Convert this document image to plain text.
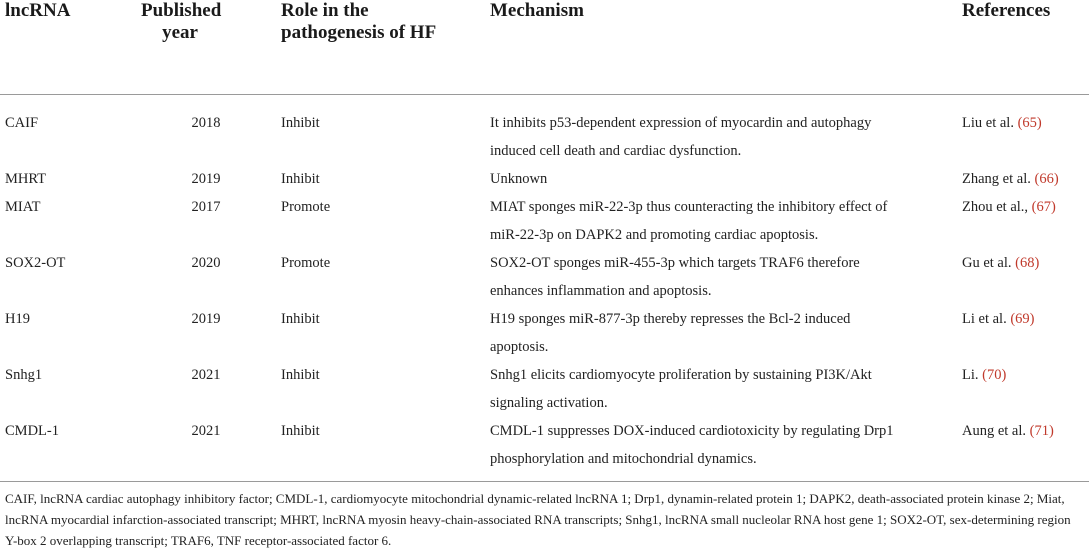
lncRNA	Published year	Role in the pathogenesis of HF	Mechanism	References
CAIF	2018	Inhibit	It inhibits p53-dependent expression of myocardin and autophagy induced cell death and cardiac dysfunction.	Liu et al. (65)
MHRT	2019	Inhibit	Unknown	Zhang et al. (66)
MIAT	2017	Promote	MIAT sponges miR-22-3p thus counteracting the inhibitory effect of miR-22-3p on DAPK2 and promoting cardiac apoptosis.	Zhou et al., (67)
SOX2-OT	2020	Promote	SOX2-OT sponges miR-455-3p which targets TRAF6 therefore enhances inflammation and apoptosis.	Gu et al. (68)
H19	2019	Inhibit	H19 sponges miR-877-3p thereby represses the Bcl-2 induced apoptosis.	Li et al. (69)
Snhg1	2021	Inhibit	Snhg1 elicits cardiomyocyte proliferation by sustaining PI3K/Akt signaling activation.	Li. (70)
CMDL-1	2021	Inhibit	CMDL-1 suppresses DOX-induced cardiotoxicity by regulating Drp1 phosphorylation and mitochondrial dynamics.	Aung et al. (71)
CAIF, lncRNA cardiac autophagy inhibitory factor; CMDL-1, cardiomyocyte mitochondrial dynamic-related lncRNA 1; Drp1, dynamin-related protein 1; DAPK2, death-associated protein kinase 2; Miat, lncRNA myocardial infarction-associated transcript; MHRT, lncRNA myosin heavy-chain-associated RNA transcripts; Snhg1, lncRNA small nucleolar RNA host gene 1; SOX2-OT, sex-determining region Y-box 2 overlapping transcript; TRAF6, TNF receptor-associated factor 6.
